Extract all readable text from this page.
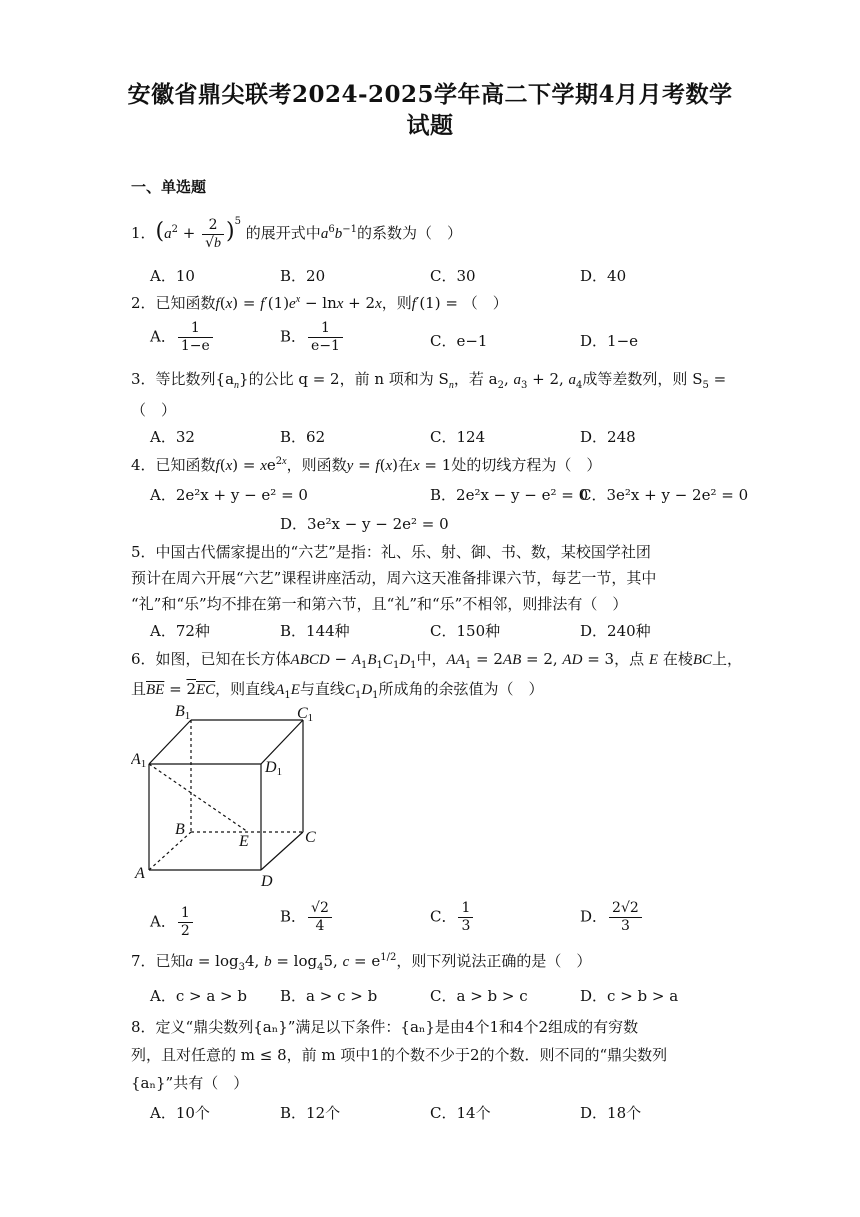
安徽省鼎尖联考2024-2025学年高二下学期4月月考数学
试题
一、单选题
1．$(a^2 + \frac{2}{√b} )^5$ 的展开式中$a^6b^{-1}$的系数为（　）
A．10	B．20	C．30	D．40
2．已知函数$f(x) = f'(1)e^x - \ln x + 2x$，则f′(1) = （　）
A． $\frac{1}{1-e}$	B． $\frac{1}{e-1}$	C．e−1	D．1−e
3．等比数列$\{a_n\}$的公比 q = 2，前 n 项和为 $S_n$，若 $a_2$, $a_3 + 2$, $a_4$成等差数列，则 $S_5$ =
（　）
A．32	B．62	C．124	D．248
4．已知函数$f(x) = xe^{2x}$，则函数y = f(x)在x = 1处的切线方程为（　）
A．2e²x + y − e² = 0	B．2e²x − y − e² = 0
C．3e²x + y − 2e² = 0
D．3e²x − y − 2e² = 0
5．中国古代儒家提出的“六艺”是指：礼、乐、射、御、书、数，某校国学社团
预计在周六开展“六艺”课程讲座活动，周六这天准备排课六节，每艺一节，其中
“礼”和“乐”均不排在第一和第六节，且“礼”和“乐”不相邻，则排法有（　）
A．72种	B．144种	C．150种	D．240种
6．如图，已知在长方体ABCD − $A_1B_1C_1D_1$中，$AA_1 = 2AB = 2$, AD = 3，点 E 在棱BC上，
且$\overline{BE} = 2EC$，则直线$A_1E$与直线$C_1D_1$所成角的余弦值为（　）
B1	C1
A1	D1
B
E	C
A	D
A． $\frac{1}{2}$	B． $\frac{√2}{4}$	C． $\frac{1}{3}$	D． $\frac{2√2}{3}$
7．已知$a = \log_34$, $b = \log_45$, $c = e^{1/2}$，则下列说法正确的是（　）
A．c > a > b B．a > c > b	C．a > b > c	D．c > b > a
8．定义“鼎尖数列{aₙ}”满足以下条件：{aₙ}是由4个1和4个2组成的有穷数
列，且对任意的 m ≤ 8，前 m 项中1的个数不少于2的个数．则不同的“鼎尖数列
{aₙ}”共有（　）
A．10个	B．12个	C．14个	D．18个
